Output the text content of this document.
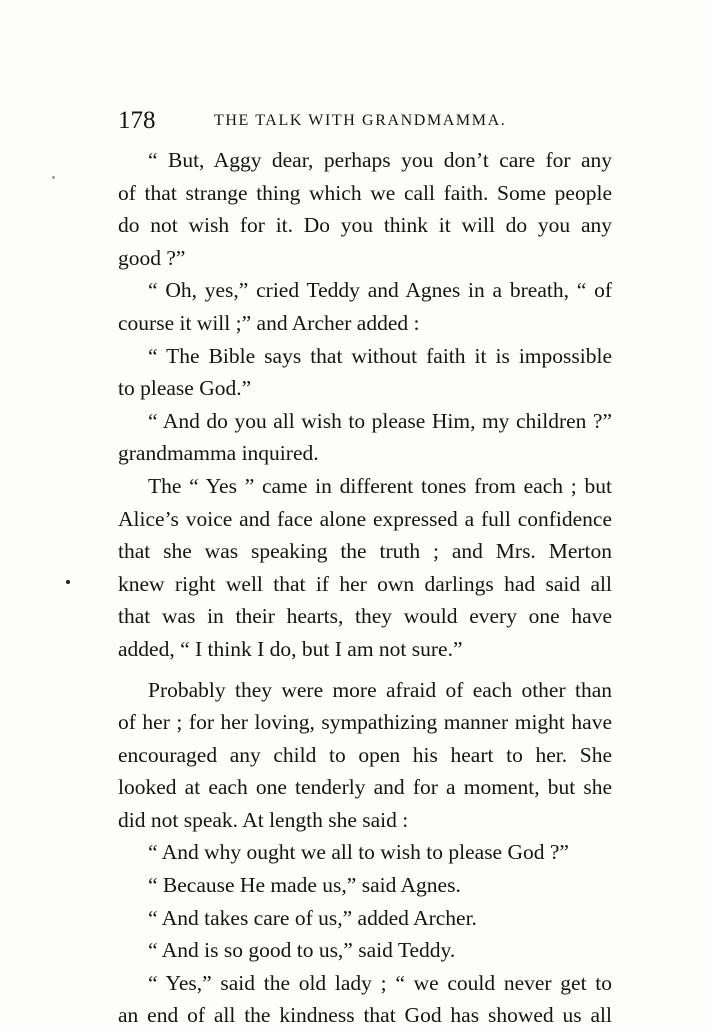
178	THE TALK WITH GRANDMAMMA.
“ But, Aggy dear, perhaps you don’t care for any
of that strange thing which we call faith. Some people
do not wish for it. Do you think it will do you any
good ?”
“ Oh, yes,” cried Teddy and Agnes in a breath, “ of
course it will ;” and Archer added :
“ The Bible says that without faith it is impossible
to please God.”
“ And do you all wish to please Him, my children ?”
grandmamma inquired.
The “ Yes ” came in different tones from each ; but
Alice’s voice and face alone expressed a full confidence
that she was speaking the truth ; and Mrs. Merton
knew right well that if her own darlings had said all
that was in their hearts, they would every one have
added, “ I think I do, but I am not sure.”
Probably they were more afraid of each other than
of her ; for her loving, sympathizing manner might have
encouraged any child to open his heart to her. She
looked at each one tenderly and for a moment, but she
did not speak. At length she said :
“ And why ought we all to wish to please God ?”
“ Because He made us,” said Agnes.
“ And takes care of us,” added Archer.
“ And is so good to us,” said Teddy.
“ Yes,” said the old lady ; “ we could never get to
an end of all the kindness that God has showed us all
